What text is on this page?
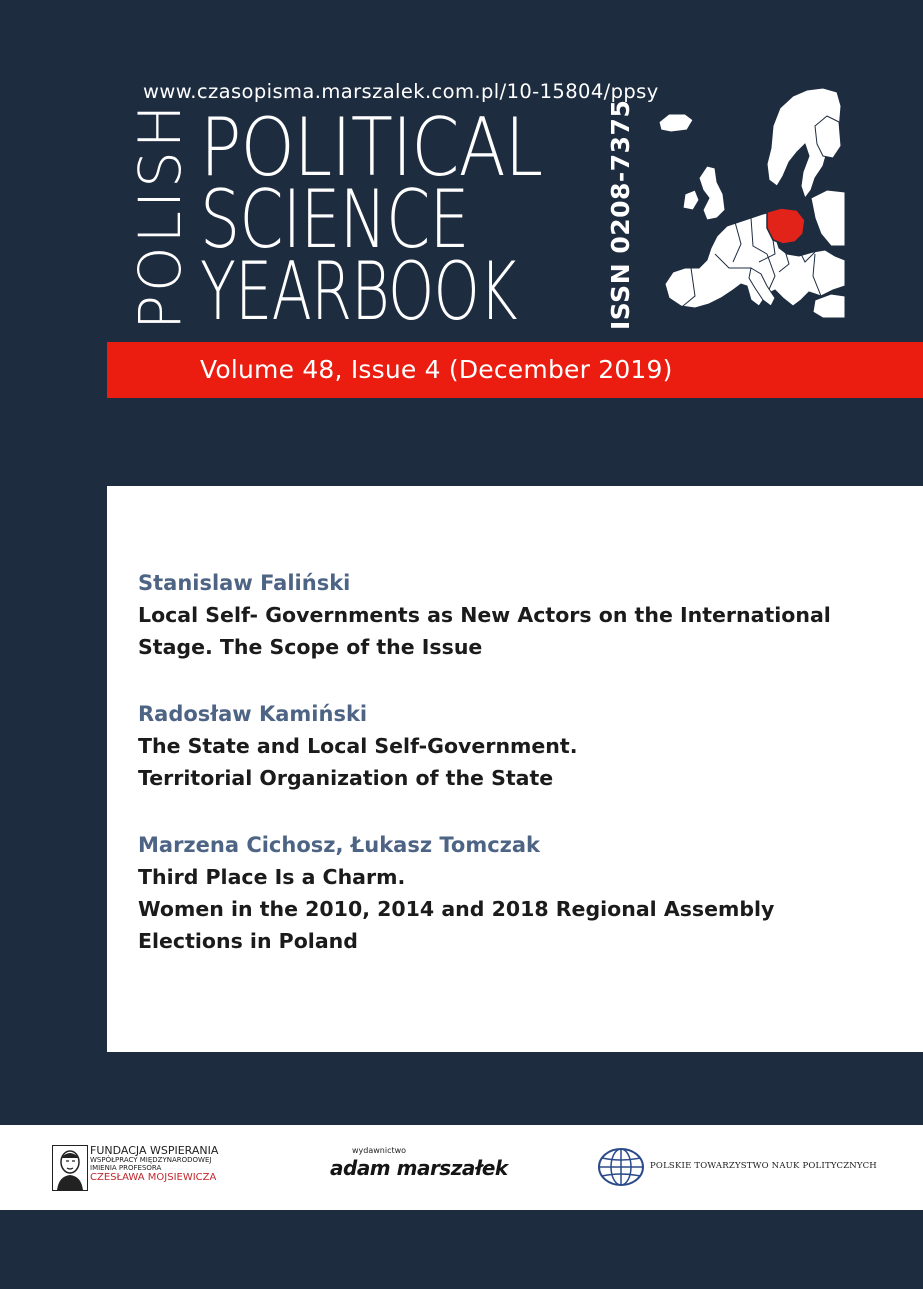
www.czasopisma.marszalek.com.pl/10-15804/ppsy
POLISH POLITICAL
SCIENCE
YEARBOOK	ISSN 0208-7375
Volume 48, Issue 4 (December 2019)
Stanislaw Faliński
Local Self- Governments as New Actors on the International
Stage. The Scope of the Issue
Radosław Kamiński
The State and Local Self-Government.
Territorial Organization of the State
Marzena Cichosz, Łukasz Tomczak
Third Place Is a Charm.
Women in the 2010, 2014 and 2018 Regional Assembly
Elections in Poland
FUNDACJA WSPIERANIA
WSPÓŁPRACY MIĘDZYNARODOWEJ
IMIENIA PROFESORA
CZESŁAWA MOJSIEWICZA
wydawnictwo
adam marszałek	POLSKIE TOWARZYSTWO NAUK POLITYCZNYCH
